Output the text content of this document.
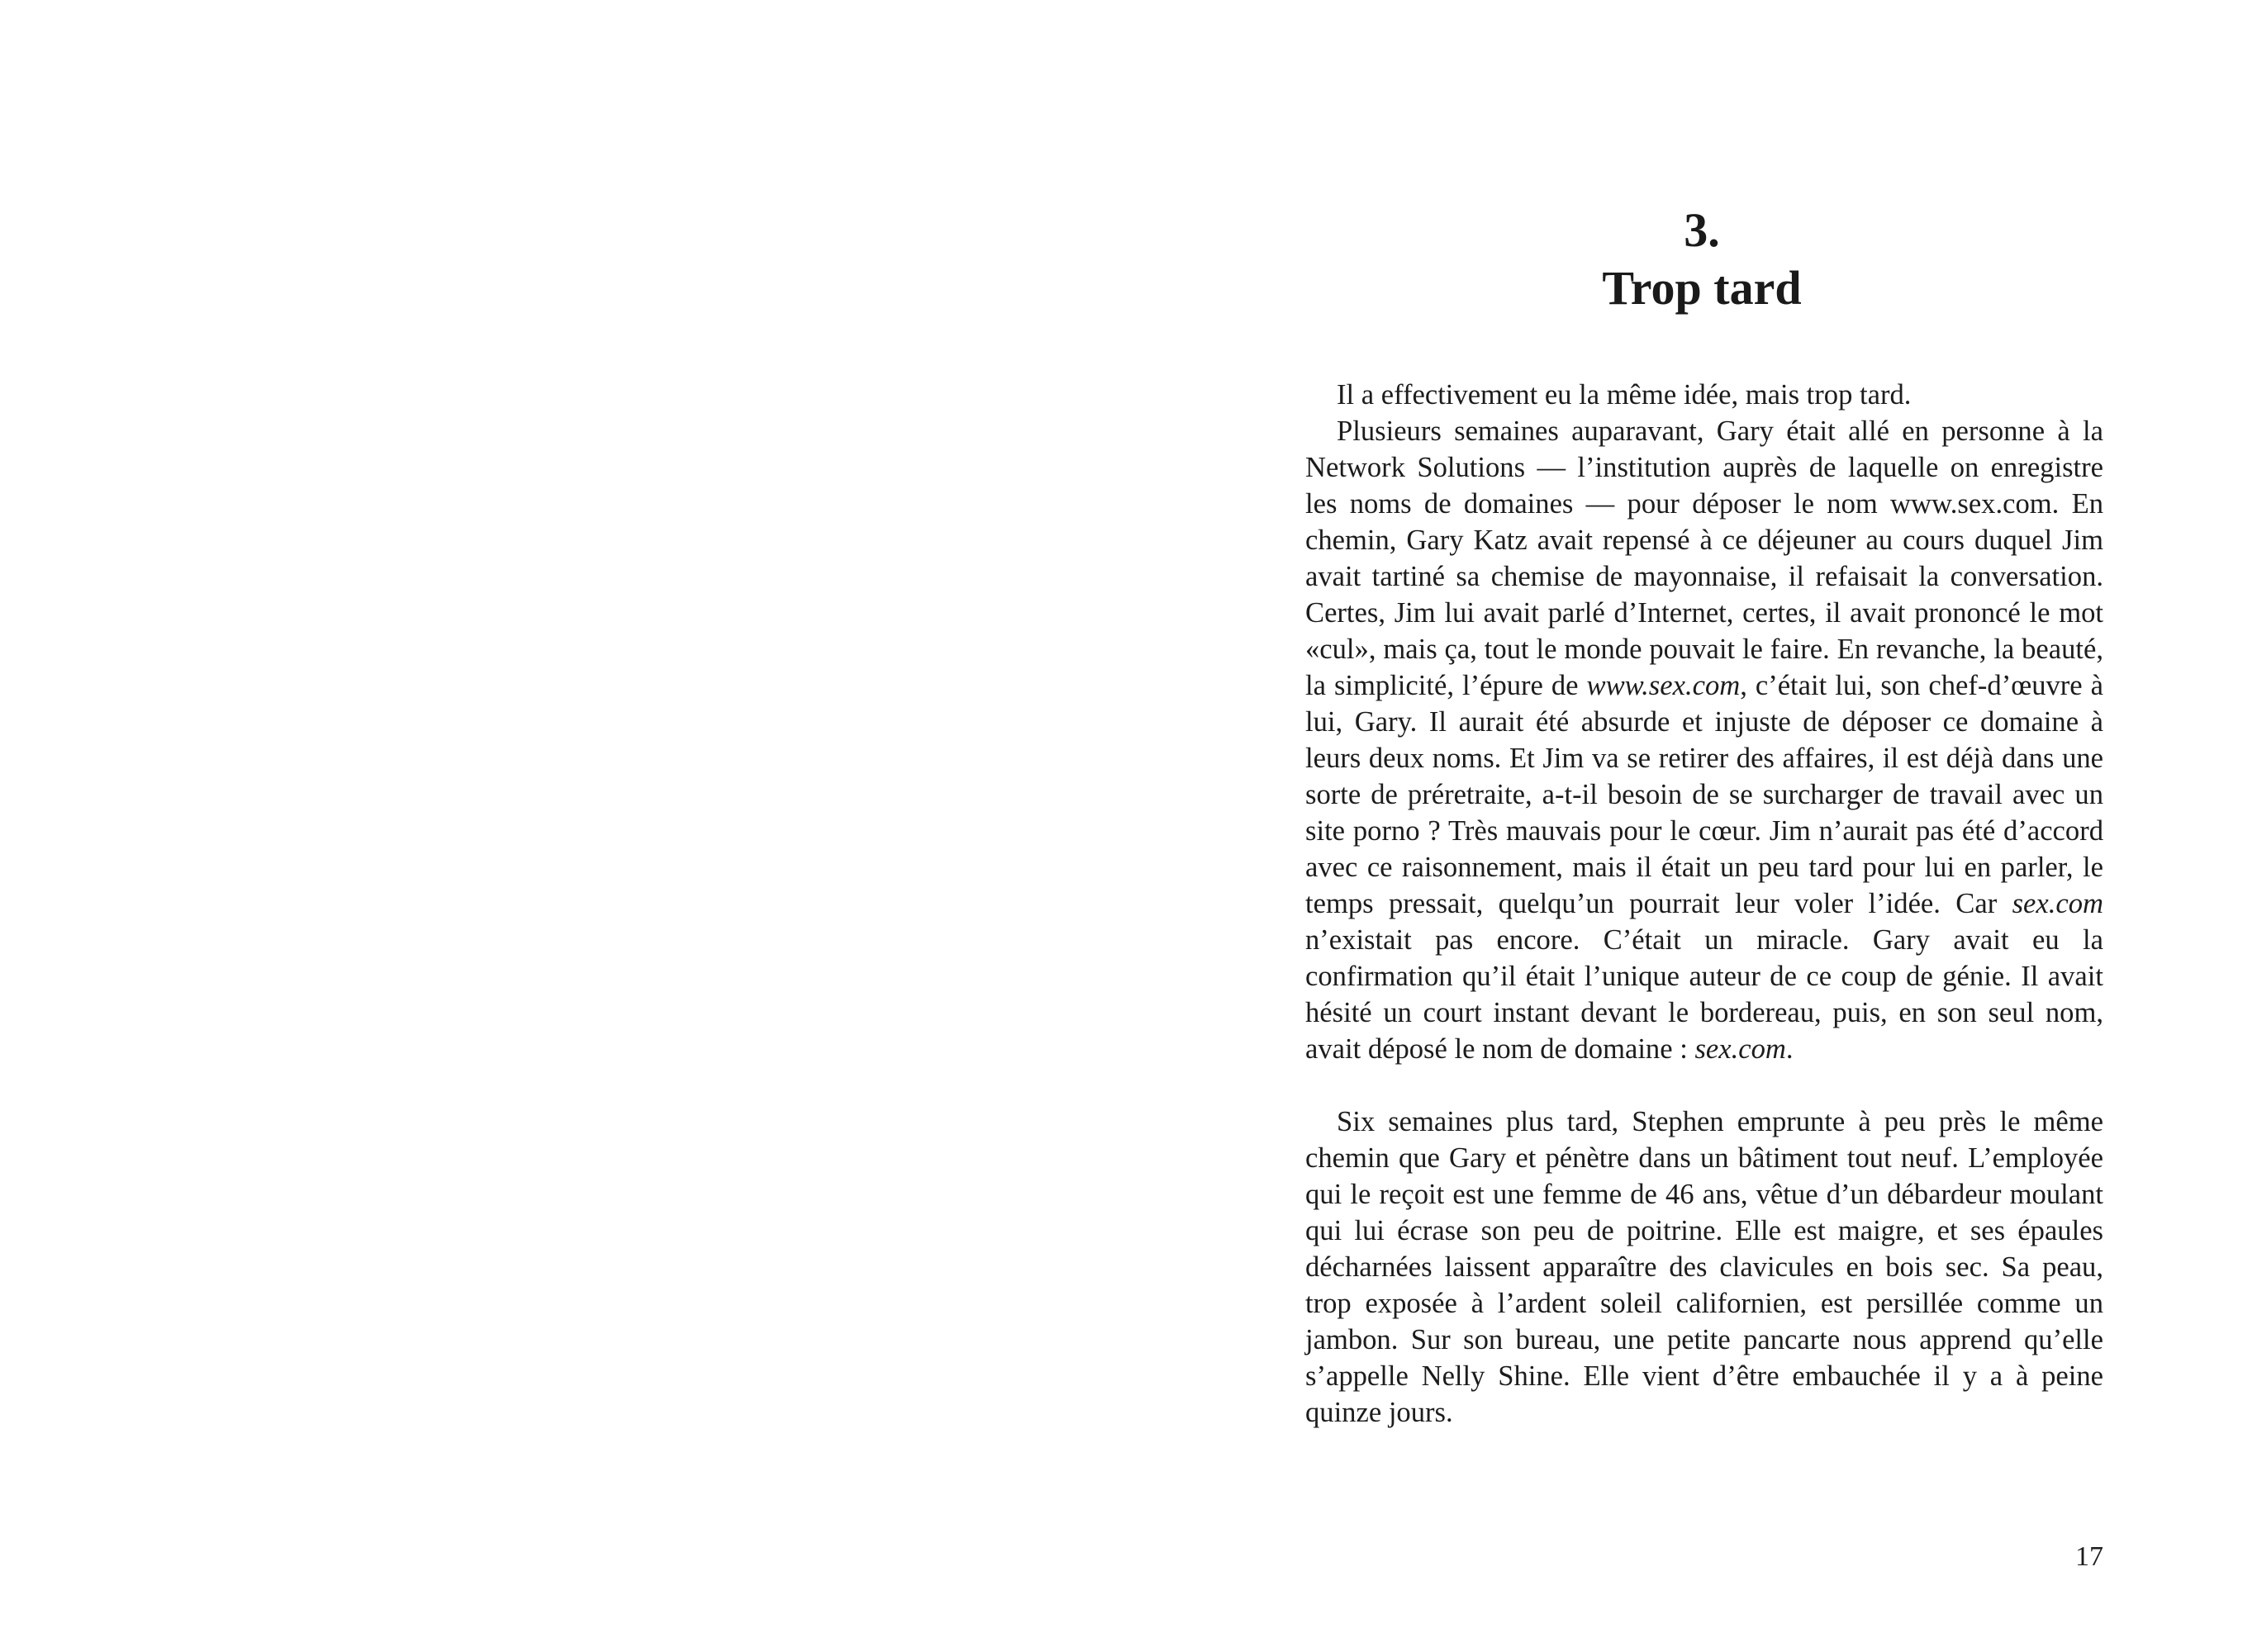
3.
Trop tard

Il a effectivement eu la même idée, mais trop tard.

Plusieurs semaines auparavant, Gary était allé en personne à la Network Solutions — l’institution auprès de laquelle on enregistre les noms de domaines — pour déposer le nom www.sex.com. En chemin, Gary Katz avait repensé à ce déjeuner au cours duquel Jim avait tartiné sa chemise de mayonnaise, il refaisait la conversation. Certes, Jim lui avait parlé d’Internet, certes, il avait prononcé le mot «cul», mais ça, tout le monde pouvait le faire. En revanche, la beauté, la simplicité, l’épure de www.sex.com, c’était lui, son chef-d’œuvre à lui, Gary. Il aurait été absurde et injuste de déposer ce domaine à leurs deux noms. Et Jim va se retirer des affaires, il est déjà dans une sorte de préretraite, a-t-il besoin de se surcharger de travail avec un site porno ? Très mauvais pour le cœur. Jim n’aurait pas été d’accord avec ce raisonnement, mais il était un peu tard pour lui en parler, le temps pressait, quelqu’un pourrait leur voler l’idée. Car sex.com n’existait pas encore. C’était un miracle. Gary avait eu la confirmation qu’il était l’unique auteur de ce coup de génie. Il avait hésité un court instant devant le bordereau, puis, en son seul nom, avait déposé le nom de domaine : sex.com.

Six semaines plus tard, Stephen emprunte à peu près le même chemin que Gary et pénètre dans un bâtiment tout neuf. L’employée qui le reçoit est une femme de 46 ans, vêtue d’un débardeur moulant qui lui écrase son peu de poitrine. Elle est maigre, et ses épaules décharnées laissent apparaître des clavicules en bois sec. Sa peau, trop exposée à l’ardent soleil californien, est persillée comme un jambon. Sur son bureau, une petite pancarte nous apprend qu’elle s’appelle Nelly Shine. Elle vient d’être embauchée il y a à peine quinze jours.

17
